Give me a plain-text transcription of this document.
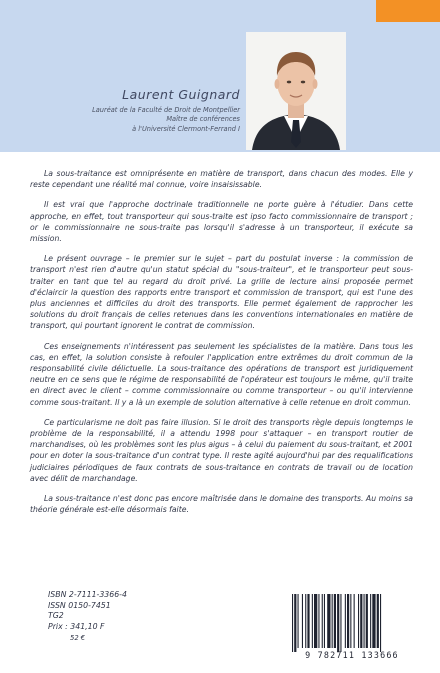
Laurent Guignard

Lauréat de la Faculté de Droit de Montpellier

Maître de conférences

à l'Université Clermont-Ferrand I

La sous-traitance est omniprésente en matière de transport, dans chacun des modes. Elle y reste cependant une réalité mal connue, voire insaisissable.

Il est vrai que l'approche doctrinale traditionnelle ne porte guère à l'étudier. Dans cette approche, en effet, tout transporteur qui sous-traite est ipso facto commissionnaire de transport ; or le commissionnaire ne sous-traite pas lorsqu'il s'adresse à un transporteur, il exécute sa mission.

Le présent ouvrage – le premier sur le sujet – part du postulat inverse : la commission de transport n'est rien d'autre qu'un statut spécial du "sous-traiteur", et le transporteur peut sous-traiter en tant que tel au regard du droit privé. La grille de lecture ainsi proposée permet d'éclaircir la question des rapports entre transport et commission de transport, qui est l'une des plus anciennes et difficiles du droit des transports. Elle permet également de rapprocher les solutions du droit français de celles retenues dans les conventions internationales en matière de transport, qui pourtant ignorent le contrat de commission.

Ces enseignements n'intéressent pas seulement les spécialistes de la matière. Dans tous les cas, en effet, la solution consiste à refouler l'application entre extrêmes du droit commun de la responsabilité civile délictuelle. La sous-traitance des opérations de transport est juridiquement neutre en ce sens que le régime de responsabilité de l'opérateur est toujours le même, qu'il traite en direct avec le client – comme commissionnaire ou comme transporteur – ou qu'il intervienne comme sous-traitant. Il y a là un exemple de solution alternative à celle retenue en droit commun.

Ce particularisme ne doit pas faire illusion. Si le droit des transports règle depuis longtemps le problème de la responsabilité, il a attendu 1998 pour s'attaquer – en transport routier de marchandises, où les problèmes sont les plus aigus – à celui du paiement du sous-traitant, et 2001 pour en doter la sous-traitance d'un contrat type. Il reste agité aujourd'hui par des requalifications judiciaires périodiques de faux contrats de sous-traitance en contrats de travail ou de location avec délit de marchandage.

La sous-traitance n'est donc pas encore maîtrisée dans le domaine des transports. Au moins sa théorie générale est-elle désormais faite.

ISBN 2-7111-3366-4
ISSN 0150-7451
TG2
Prix : 341,10 F
52 €
9 782711 133666
